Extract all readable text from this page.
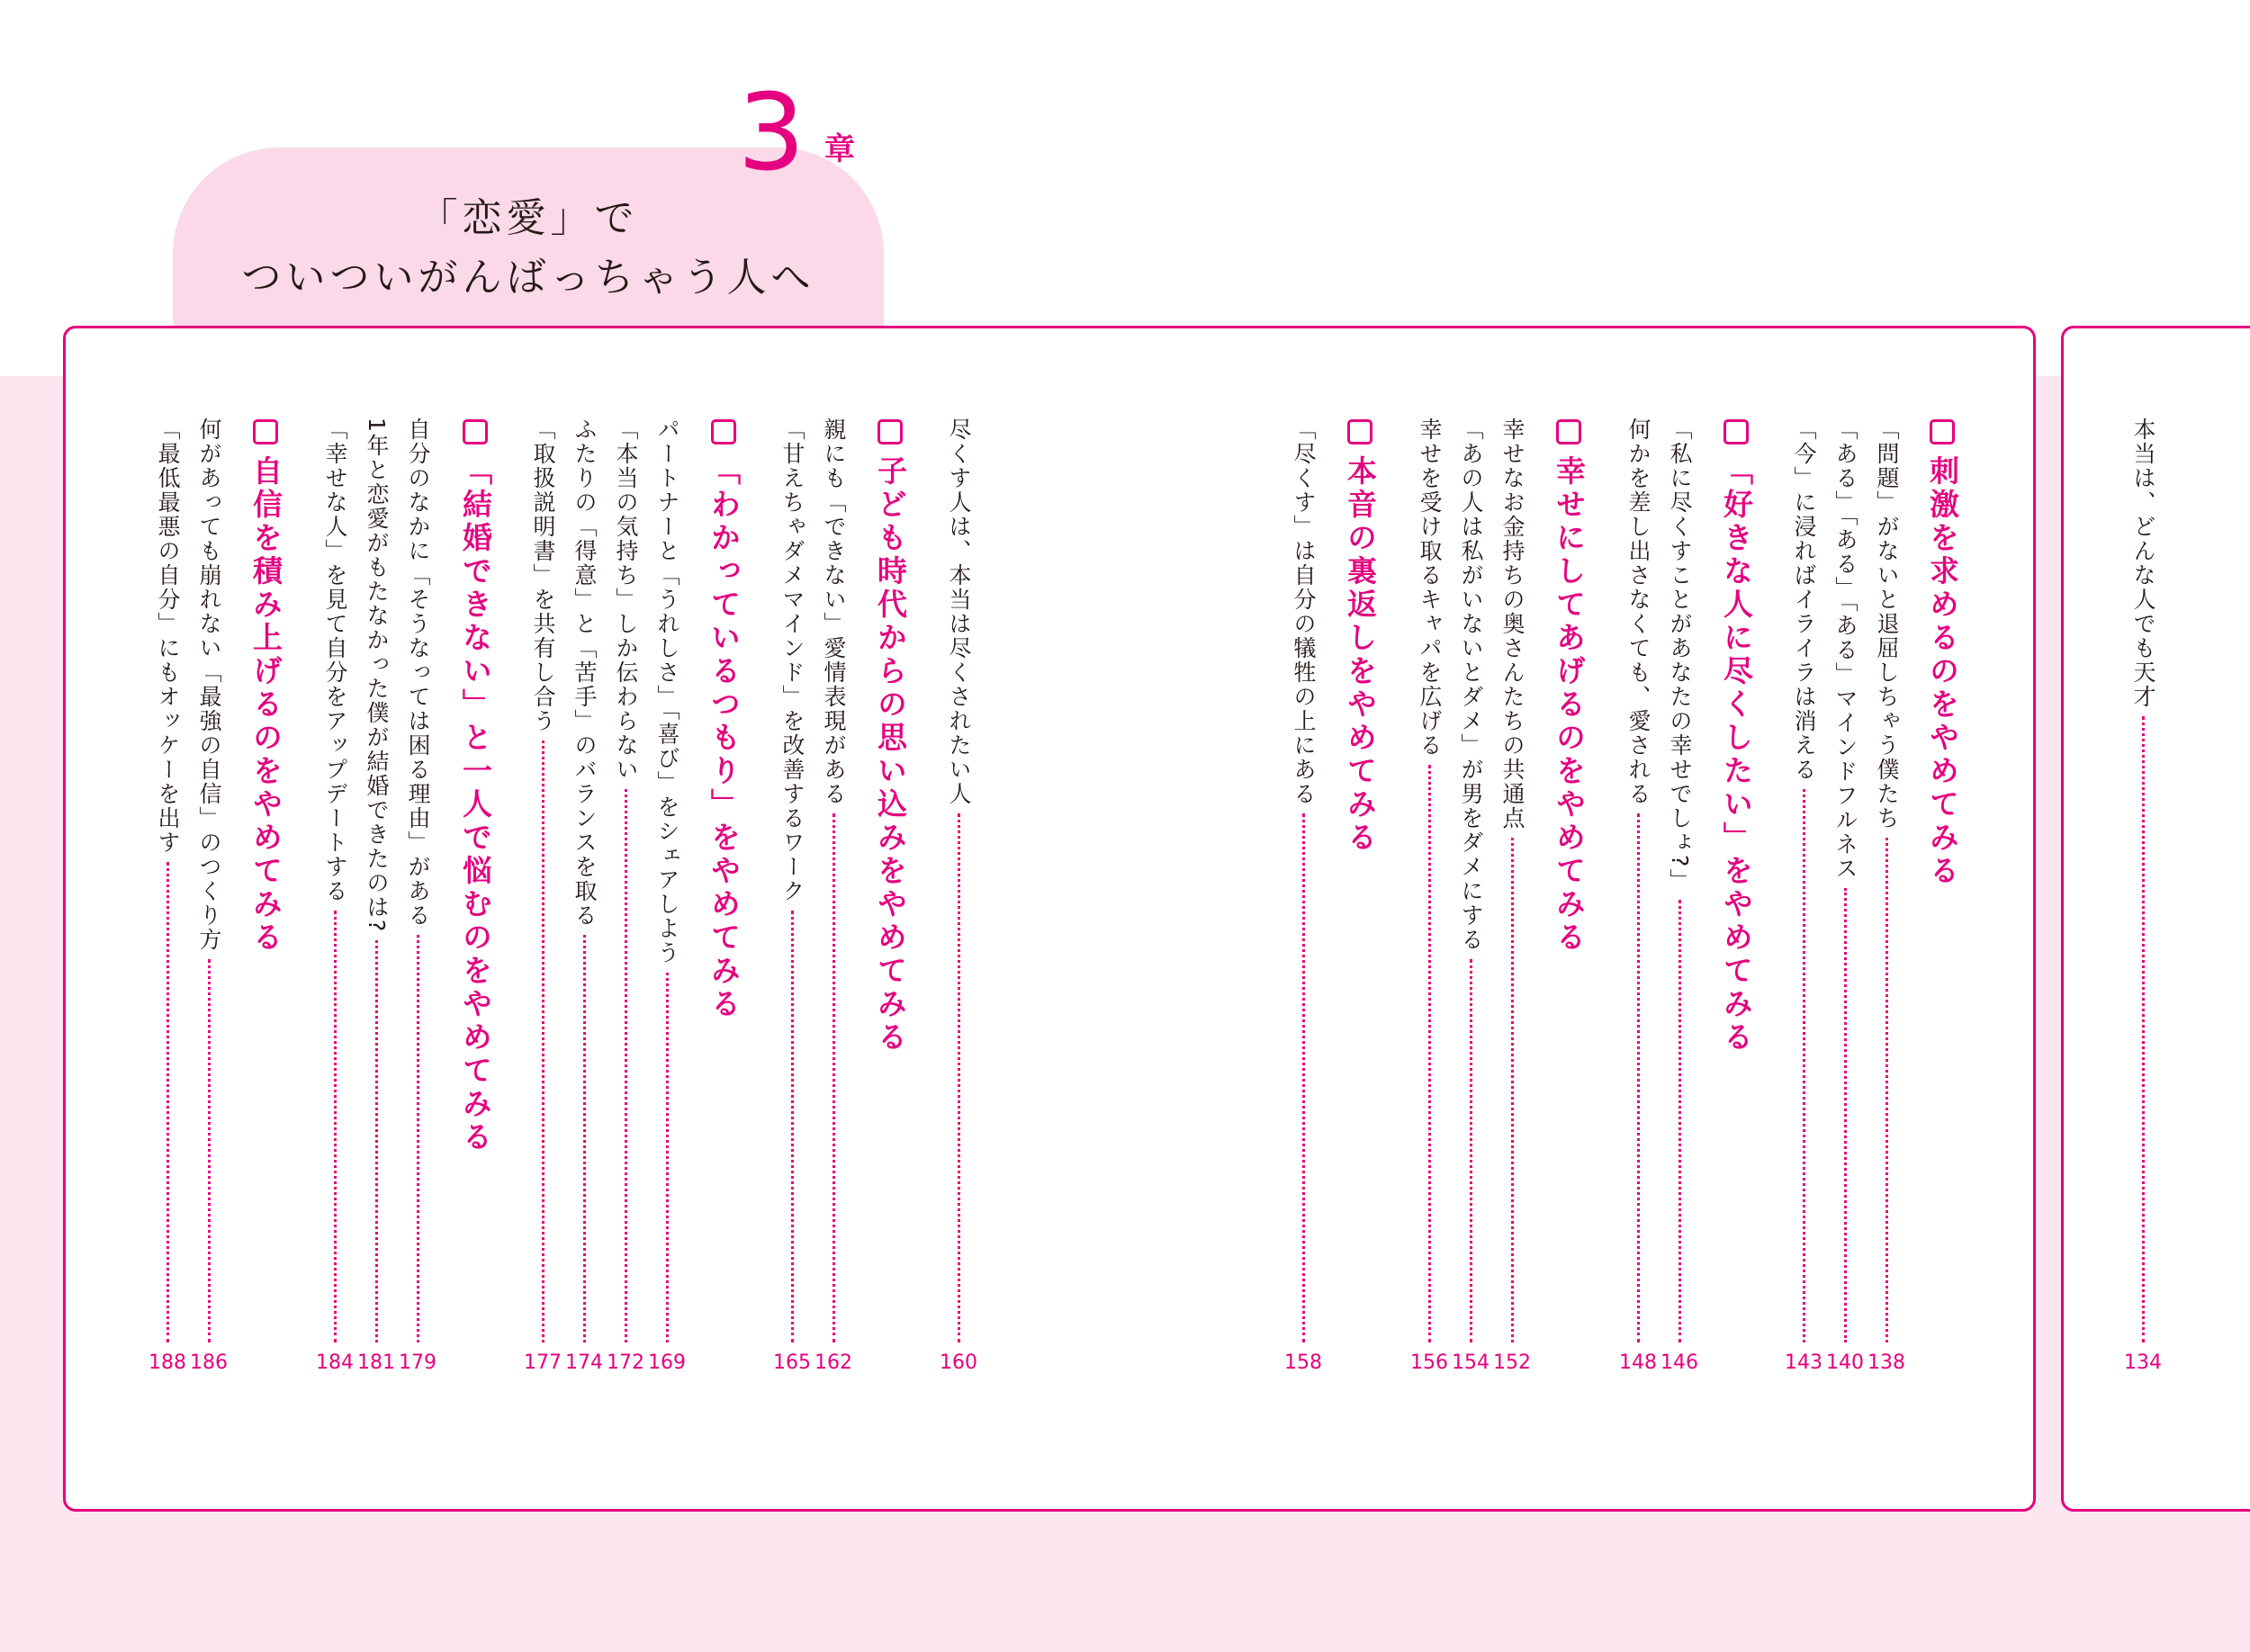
3 章
「恋愛」で
ついついがんばっちゃう人へ
本当は、どんな人でも天才
134
刺激を求めるのをやめてみる
「好きな人に尽くしたい」をやめてみる
幸せにしてあげるのをやめてみる
本音の裏返しをやめてみる
子ども時代からの思い込みをやめてみる
「わかっているつもり」をやめてみる
「結婚できない」と一人で悩むのをやめてみる
自信を積み上げるのをやめてみる	「問題」がないと退屈しちゃう僕たち
138
「ある」「ある」「ある」マインドフルネス
140
「今」に浸ればイライラは消える
143
「私に尽くすことがあなたの幸せでしょ?」
146
何かを差し出さなくても、愛される
148
幸せなお金持ちの奥さんたちの共通点
152
「あの人は私がいないとダメ」が男をダメにする
154
幸せを受け取るキャパを広げる
156
「尽くす」は自分の犠牲の上にある
158
尽くす人は、本当は尽くされたい人
160
親にも「できない」愛情表現がある
162
「甘えちゃダメマインド」を改善するワーク
165
パートナーと「うれしさ」「喜び」をシェアしよう
169
「本当の気持ち」しか伝わらない
172
ふたりの「得意」と「苦手」のバランスを取る
174
「取扱説明書」を共有し合う
177
自分のなかに「そうなっては困る理由」がある
179
1年と恋愛がもたなかった僕が結婚できたのは?
181
「幸せな人」を見て自分をアップデートする
184
何があっても崩れない「最強の自信」のつくり方
186
「最低最悪の自分」にもオッケーを出す
188
